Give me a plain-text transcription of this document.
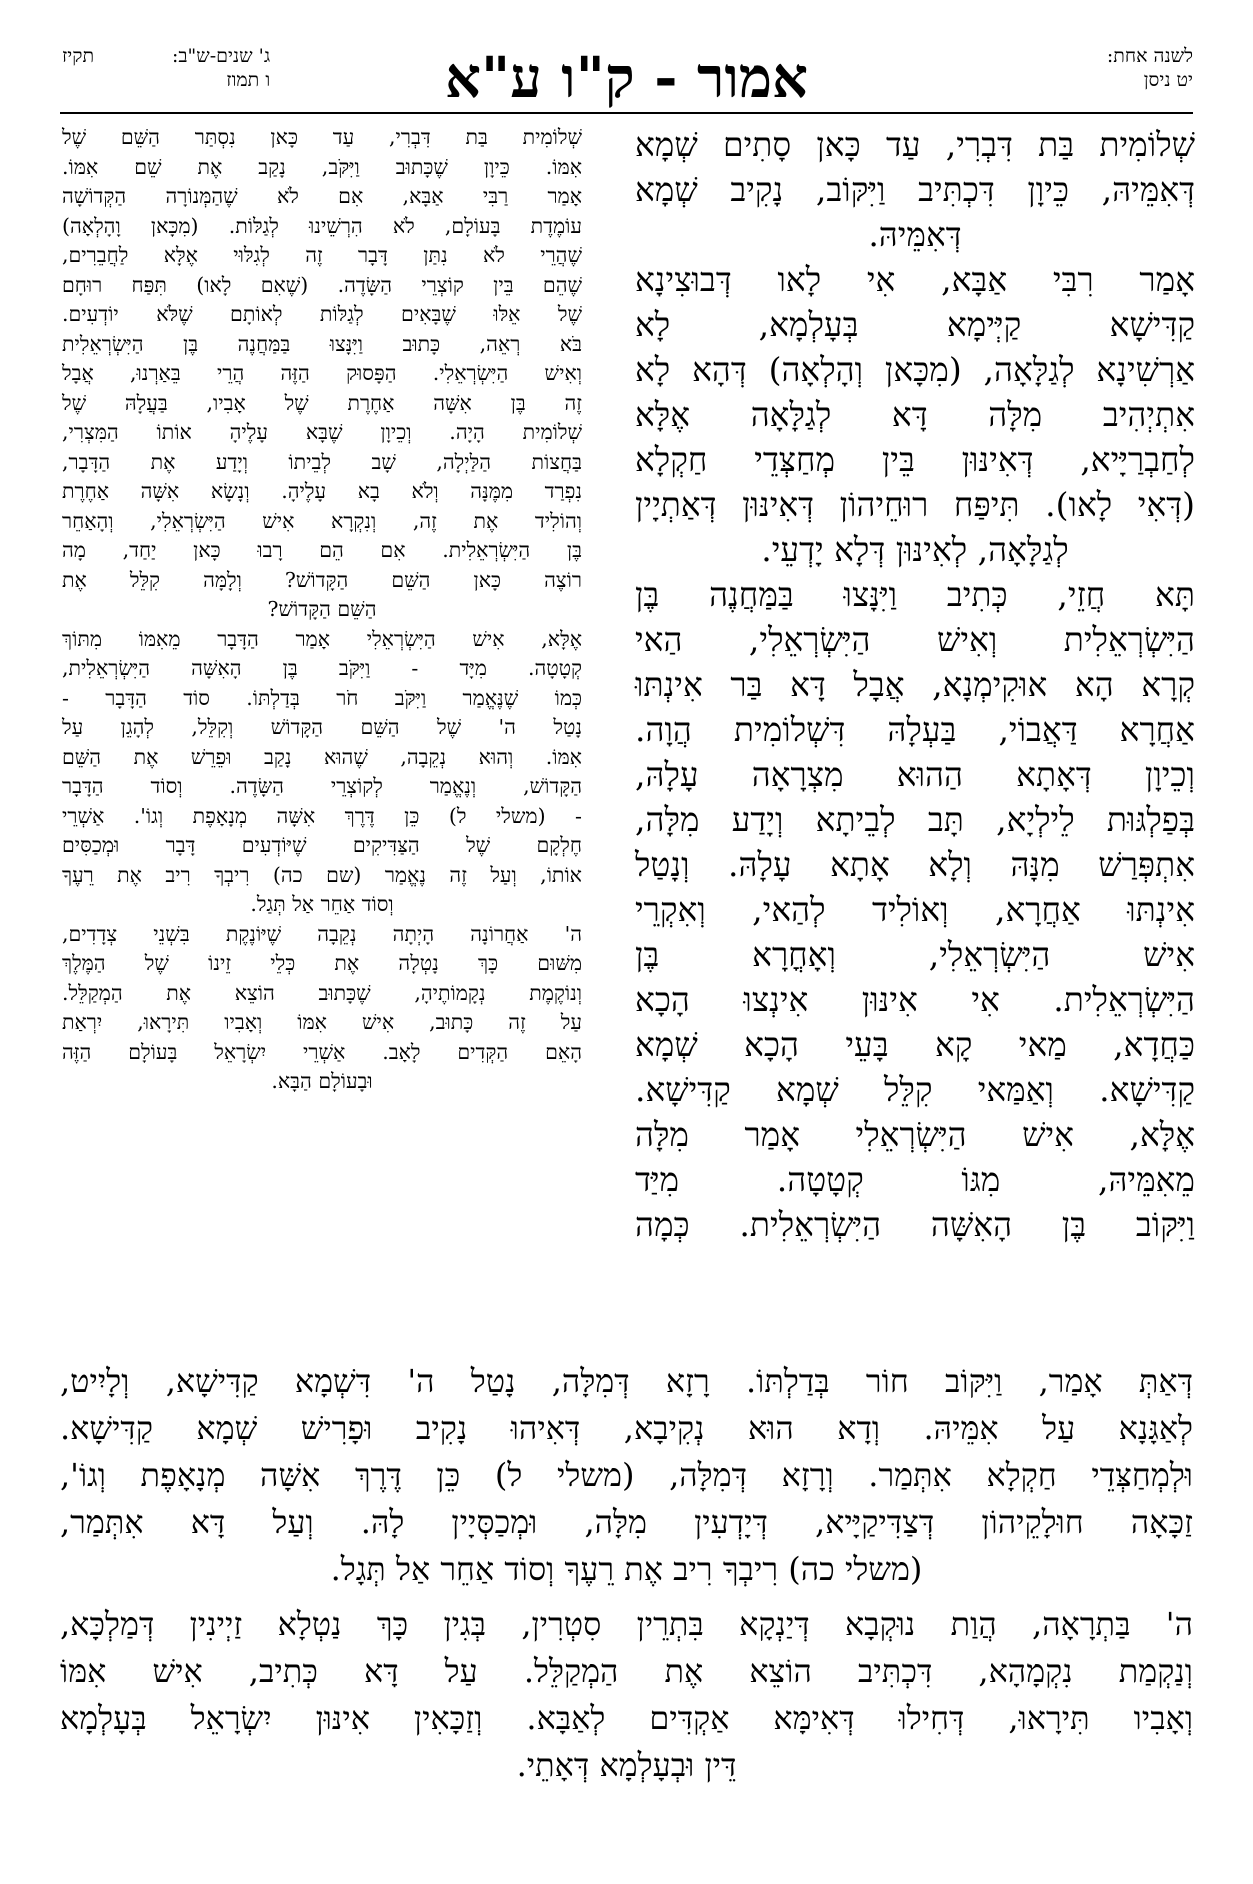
לשנה אחת:
יט ניסן
אמור - ק"ו ע"א
ג' שנים-ש"ב:
ו תמוז
תקיז

שְׁלוֹמִית בַּת דִּבְרִי, עַד כָּאן סָתִים שְׁמָא

דְּאִמֵּיהּ, כֵּיוָן דִּכְתִּיב וַיִּקּוֹב, נָקִיב שְׁמָא

דְּאִמֵּיהּ.

אָמַר רִבִּי אַבָּא, אִי לָאו דְּבוּצִינָא

קַדִּישָׁא קַיְּימָא בְּעָלְמָא, לָא

אַרְשִׁינָא לְגַלָּאָה, (מִכָּאן וְהָלְאָה) דְּהָא לָא

אִתְיְהִיב מִלָּה דָּא לְגַלָּאָה אֶלָּא

לְחַבְרַיָּיא, דְּאִינּוּן בֵּין מְחַצְּדֵי חַקְלָא

(דְּאִי לָאו). תִּיפַּח רוּחֵיהוֹן דְּאִינּוּן דְּאַתְיָין

לְגַלָּאָה, לְאִינּוּן דְּלָא יָדְעֵי.

תָּא חֲזֵי, כְּתִיב וַיִּנָּצוּ בַּמַּחֲנֶה בֶּן

הַיִּשְׂרְאֵלִית וְאִישׁ הַיִּשְׂרְאֵלִי, הַאי

קְרָא הָא אוּקִימְנָא, אֲבָל דָּא בַּר אִינְתּוּ

אַחֲרָא דַּאֲבוֹי, בַּעְלָהּ דִּשְׁלוֹמִית הֲוָה.

וְכֵיוָן דְּאָתָא הַהוּא מִצְרָאָה עָלָהּ,

בְּפַלְגּוּת לֵילְיָא, תָּב לְבֵיתָא וְיָדַע מִלָּה,

אִתְפְּרַשׁ מִנָּהּ וְלָא אָתָא עָלָהּ. וְנָטַל

אִינְתּוּ אַחֲרָא, וְאוֹלִיד לְהַאי, וְאִקְרֵי

אִישׁ הַיִּשְׂרְאֵלִי, וְאָחֳרָא בֶּן

הַיִּשְׂרְאֵלִית. אִי אִינּוּן אִינְצוּ הָכָא

כַּחֲדָא, מַאי קָא בָּעֵי הָכָא שְׁמָא

קַדִּישָׁא. וְאַמַּאי קִלֵּל שְׁמָא קַדִּישָׁא.

אֶלָּא, אִישׁ הַיִּשְׂרְאֵלִי אָמַר מִלָּה

מֵאִמֵּיהּ, מִגּוֹ קְטָטָה. מִיַּד

וַיִּקּוֹב בֶּן הָאִשָּׁה הַיִּשְׂרְאֵלִית. כְּמָה

שְׁלוֹמִית בַּת דִּבְרִי, עַד כָּאן נִסְתַּר הַשֵּׁם שֶׁל

אִמּוֹ. כֵּיוָן שֶׁכָּתוּב וַיִּקֹּב, נָקַב אֶת שֵׁם אִמּוֹ.

אָמַר רַבִּי אַבָּא, אִם לֹא שֶׁהַמְּנוֹרָה הַקְּדוֹשָׁה

עוֹמֶדֶת בָּעוֹלָם, לֹא הִרְשֵׁינוּ לְגַלּוֹת. (מִכָּאן וָהָלְאָה)

שֶׁהֲרֵי לֹא נִתַּן דָּבָר זֶה לְגִלּוּי אֶלָּא לַחֲבֵרִים,

שֶׁהֵם בֵּין קוֹצְרֵי הַשָּׂדֶה. (שֶׁאִם לָאו) תִּפַּח רוּחָם

שֶׁל אֵלּוּ שֶׁבָּאִים לְגַלּוֹת לְאוֹתָם שֶׁלֹּא יוֹדְעִים.

בֹּא רְאֵה, כָּתוּב וַיִּנָּצוּ בַּמַּחֲנֶה בֶּן הַיִּשְׂרְאֵלִית

וְאִישׁ הַיִּשְׂרְאֵלִי. הַפָּסוּק הַזֶּה הֲרֵי בֵּאַרְנוּ, אֲבָל

זֶה בֶּן אִשָּׁה אַחֶרֶת שֶׁל אָבִיו, בַּעֲלָהּ שֶׁל

שְׁלוֹמִית הָיָה. וְכֵיוָן שֶׁבָּא עָלֶיהָ אוֹתוֹ הַמִּצְרִי,

בַּחֲצוֹת הַלַּיְלָה, שָׁב לְבֵיתוֹ וְיָדַע אֶת הַדָּבָר,

נִפְרַד מִמֶּנָּה וְלֹא בָא עָלֶיהָ. וְנָשָׂא אִשָּׁה אַחֶרֶת

וְהוֹלִיד אֶת זֶה, וְנִקְרָא אִישׁ הַיִּשְׂרְאֵלִי, וְהָאַחֵר

בֶּן הַיִּשְׂרְאֵלִית. אִם הֵם רָבוּ כָּאן יַחַד, מָה

רוֹצֶה כָּאן הַשֵּׁם הַקָּדוֹשׁ? וְלָמָּה קִלֵּל אֶת

הַשֵּׁם הַקָּדוֹשׁ?

אֶלָּא, אִישׁ הַיִּשְׂרְאֵלִי אָמַר הַדָּבָר מֵאִמּוֹ מִתּוֹךְ

קְטָטָה. מִיָּד - וַיִּקֹּב בֶּן הָאִשָּׁה הַיִּשְׂרְאֵלִית,

כְּמוֹ שֶׁנֶּאֱמַר וַיִּקֹּב חֹר בְּדַלְתּוֹ. סוֹד הַדָּבָר -

נָטַל ה' שֶׁל הַשֵּׁם הַקָּדוֹשׁ וְקִלֵּל, לְהָגֵן עַל

אִמּוֹ. וְהוּא נְקֵבָה, שֶׁהוּא נָקַב וּפֵרֵשׁ אֶת הַשֵּׁם

הַקָּדוֹשׁ, וְנֶאֱמַר לְקוֹצְרֵי הַשָּׂדֶה. וְסוֹד הַדָּבָר

- (משלי ל) כֵּן דֶּרֶךְ אִשָּׁה מְנָאָפֶת וְגוֹ'. אַשְׁרֵי

חֶלְקָם שֶׁל הַצַּדִּיקִים שֶׁיּוֹדְעִים דָּבָר וּמְכַסִּים

אוֹתוֹ, וְעַל זֶה נֶאֱמַר (שם כה) רִיבְךָ רִיב אֶת רֵעֶךָ

וְסוֹד אַחֵר אַל תְּגַל.

ה' אַחֲרוֹנָה הָיְתָה נְקֵבָה שֶׁיּוֹנֶקֶת בִּשְׁנֵי צְדָדִים,

מִשּׁוּם כָּךְ נָטְלָה אֶת כְּלֵי זֵינוֹ שֶׁל הַמֶּלֶךְ

וְנוֹקֶמֶת נְקָמוֹתֶיהָ, שֶׁכָּתוּב הוֹצֵא אֶת הַמְקַלֵּל.

עַל זֶה כָּתוּב, אִישׁ אִמּוֹ וְאָבִיו תִּירָאוּ, יִרְאַת

הָאֵם הַקְּדִים לָאָב. אַשְׁרֵי יִשְׂרָאֵל בָּעוֹלָם הַזֶּה

וּבָעוֹלָם הַבָּא.

דְּאַתְּ אָמַר, וַיִּקּוֹב חוֹר בְּדַלְתּוֹ. רָזָא דְּמִלָּה, נָטַל ה' דִּשְׁמָא קַדִּישָׁא, וְלָיִיט,

לְאַגָּנָא עַל אִמֵּיהּ. וְדָא הוּא נְקִיבָא, דְּאִיהוּ נָקִיב וּפָרִישׁ שְׁמָא קַדִּישָׁא.

וּלְמְחַצְּדֵי חַקְלָא אִתְּמַר. וְרָזָא דְּמִלָּה, (משלי ל) כֵּן דֶּרֶךְ אִשָּׁה מְנָאָפֶת וְגוֹ',

זַכָּאָה חוּלָקֵיהוֹן דְּצַדִּיקַיָּיא, דְּיָדְעִין מִלָּה, וּמְכַסְּיָין לָהּ. וְעַל דָּא אִתְּמַר,

(משלי כה) רִיבְךָ רִיב אֶת רֵעֶךָ וְסוֹד אַחֵר אַל תְּגָל.

ה' בַּתְרָאָה, הֲוַת נוּקְבָא דְּיַנְקָא בִּתְרֵין סִטְרִין, בְּגִין כָּךְ נַטְלָא זַיְינִין דְּמַלְכָּא,

וְנַקְמַת נִקְמָהָא, דִּכְתִּיב הוֹצֵא אֶת הַמְקַלֵּל. עַל דָּא כְּתִיב, אִישׁ אִמּוֹ

וְאָבִיו תִּירָאוּ, דְּחִילוּ דְּאִימָּא אַקְדִּים לְאַבָּא. וְזַכָּאִין אִינּוּן יִשְׂרָאֵל בְּעָלְמָא

דֵּין וּבְעָלְמָא דְּאָתֵי.
